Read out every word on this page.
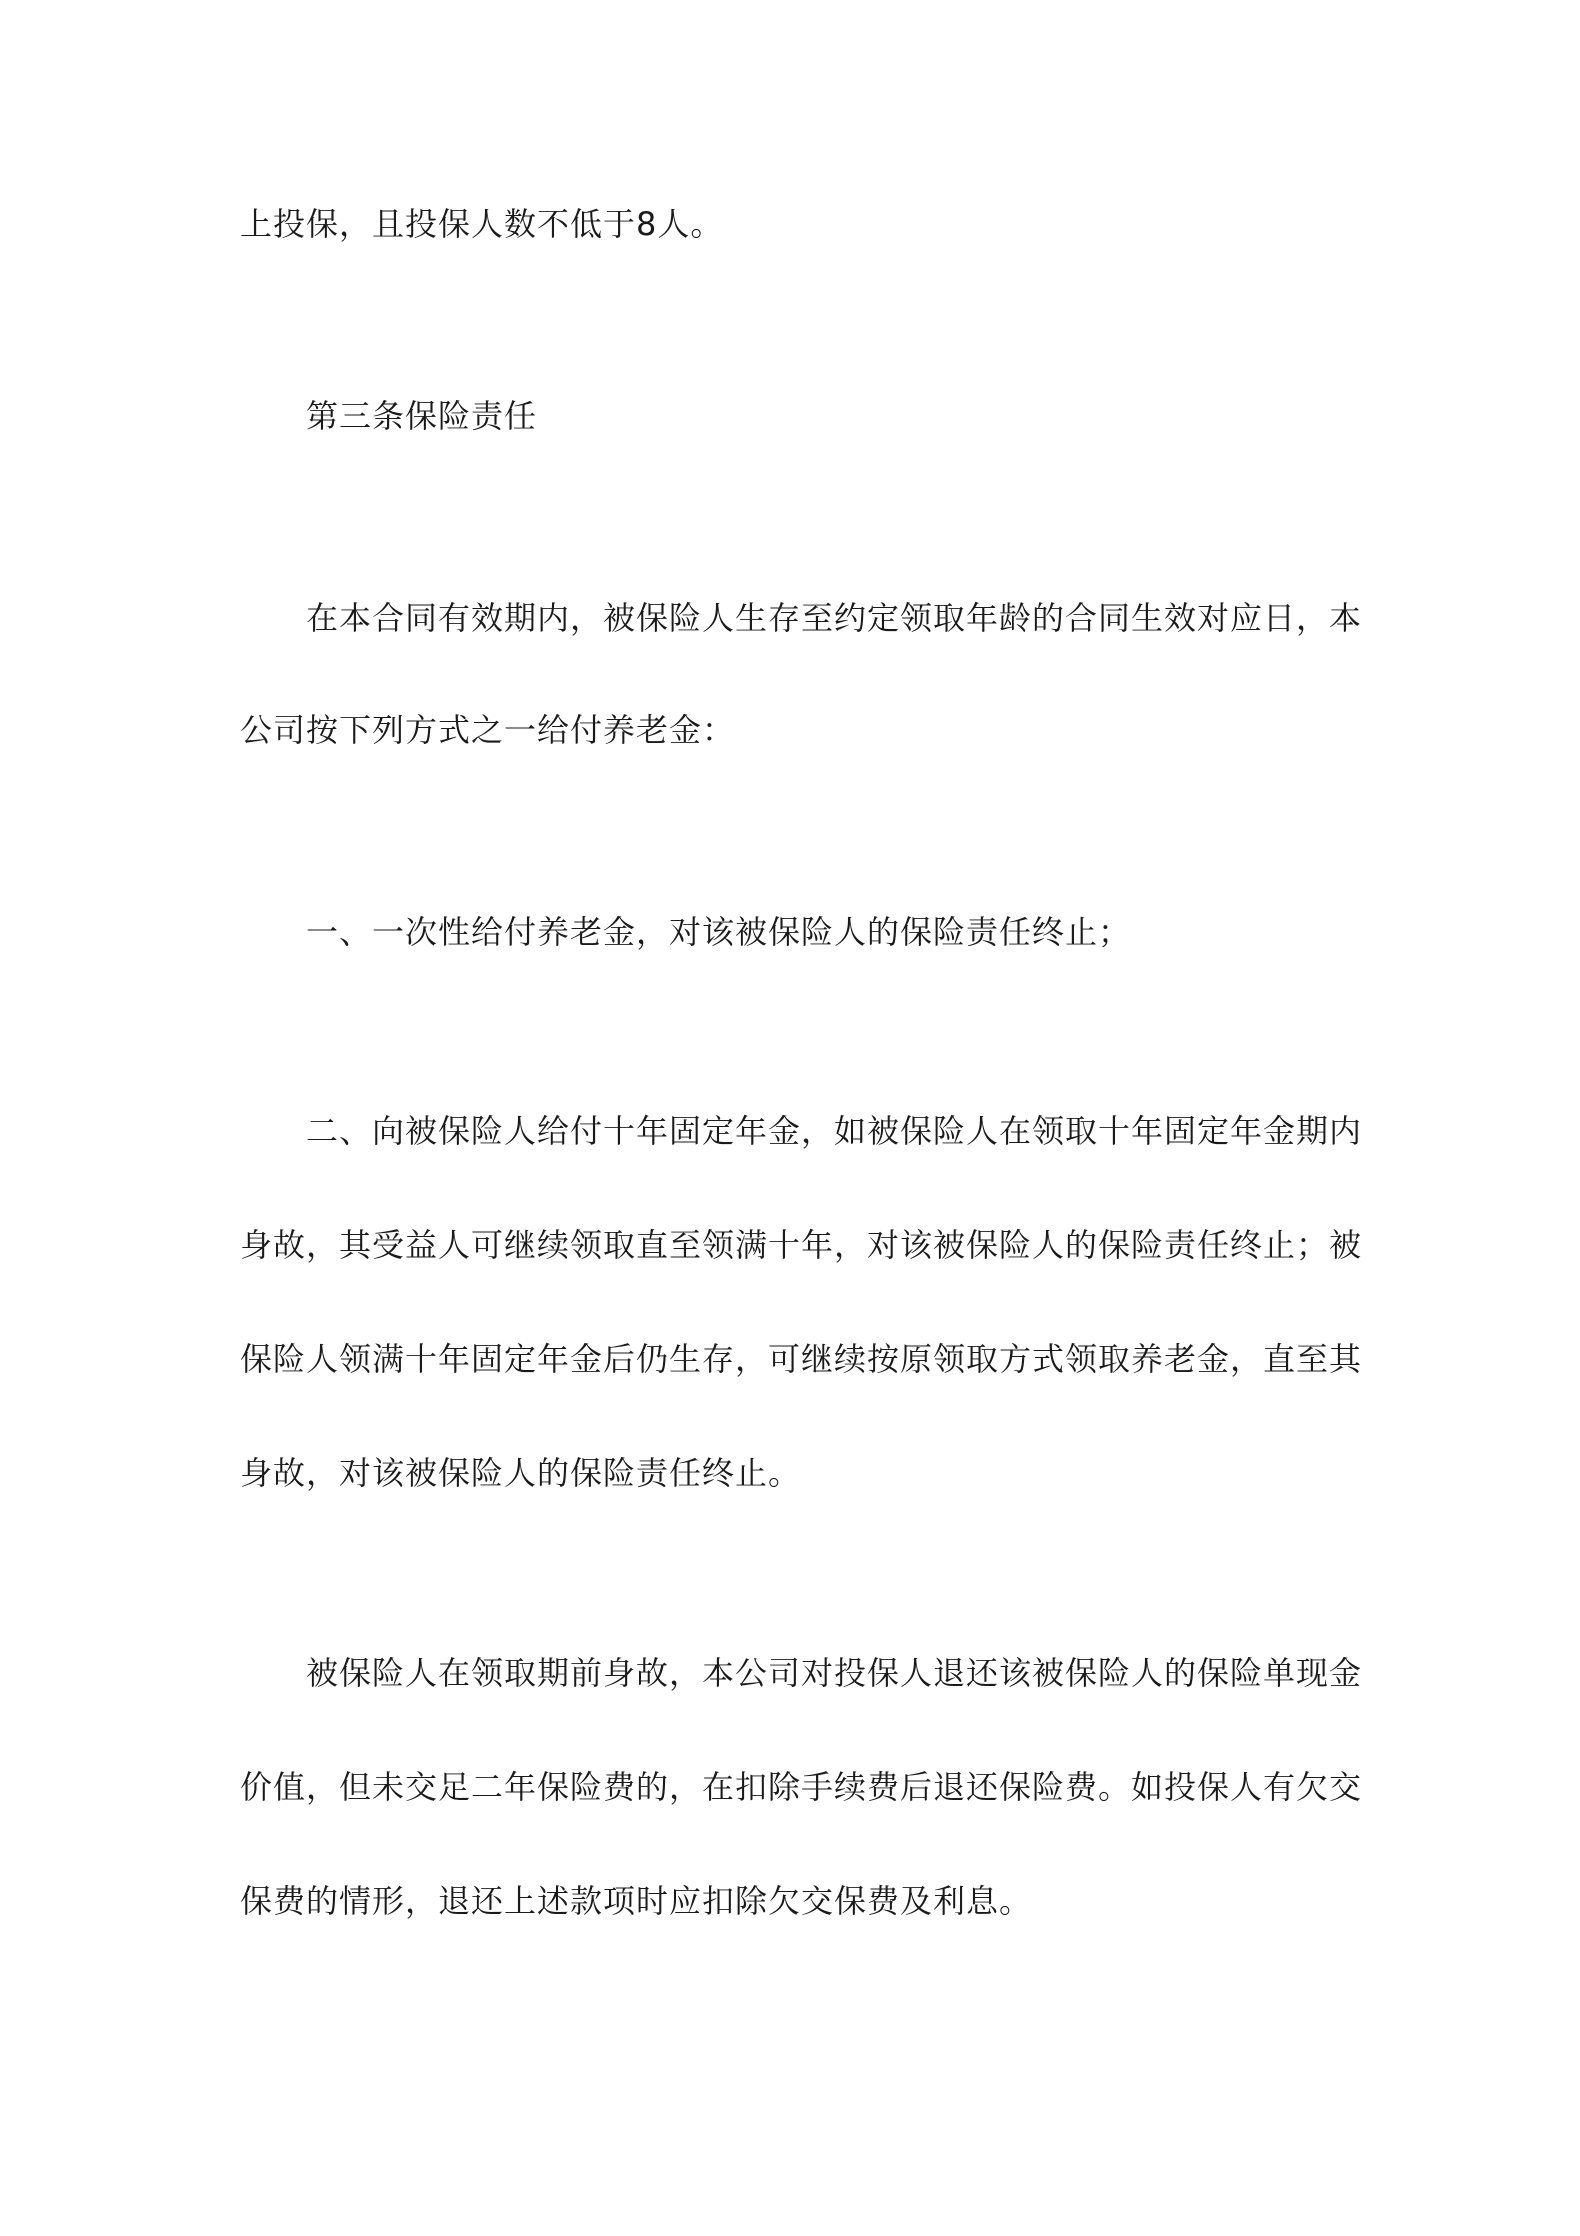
上投保，且投保人数不低于8人。
第三条保险责任
在本合同有效期内，被保险人生存至约定领取年龄的合同生效对应日，本
公司按下列方式之一给付养老金：
一、一次性给付养老金，对该被保险人的保险责任终止；
二、向被保险人给付十年固定年金，如被保险人在领取十年固定年金期内
身故，其受益人可继续领取直至领满十年，对该被保险人的保险责任终止；被
保险人领满十年固定年金后仍生存，可继续按原领取方式领取养老金，直至其
身故，对该被保险人的保险责任终止。
被保险人在领取期前身故，本公司对投保人退还该被保险人的保险单现金
价值，但未交足二年保险费的，在扣除手续费后退还保险费。如投保人有欠交
保费的情形，退还上述款项时应扣除欠交保费及利息。
